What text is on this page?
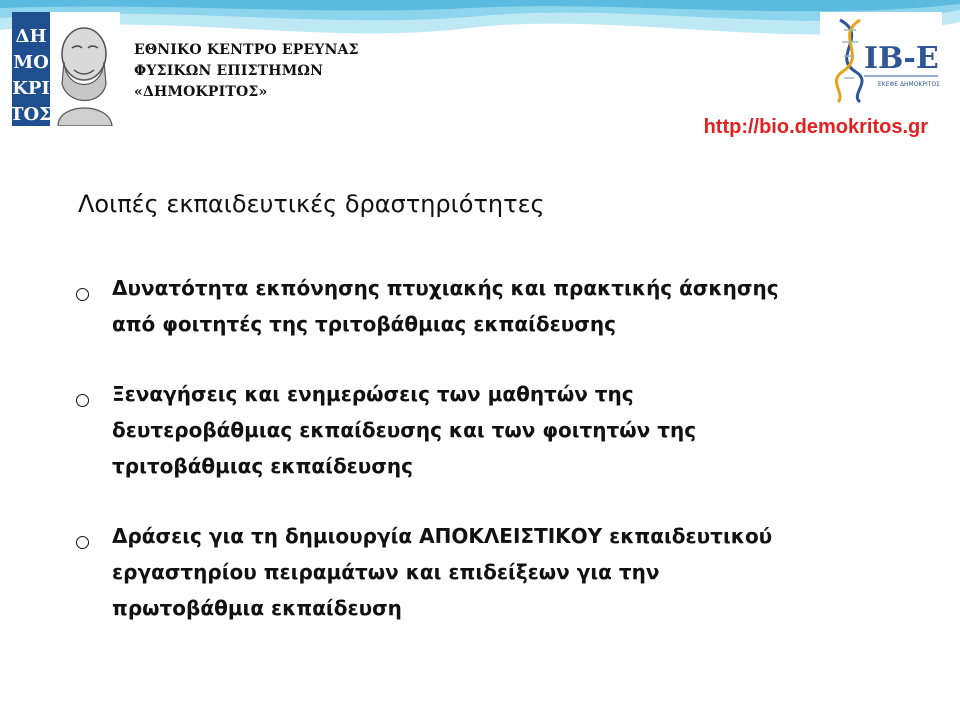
ΔΗ
ΜΟ
ΚΡΙ
ΤΟΣ
ΕΘΝΙΚΟ ΚΕΝΤΡΟ ΕΡΕΥΝΑΣ
ΦΥΣΙΚΩΝ ΕΠΙΣΤΗΜΩΝ
«ΔΗΜΟΚΡΙΤΟΣ»
ΙΒ-Ε
ΕΚΕΦΕ ΔΗΜΟΚΡΙΤΟΣ
http://bio.demokritos.gr
Λοιπές εκπαιδευτικές δραστηριότητες
Δυνατότητα εκπόνησης πτυχιακής και πρακτικής άσκησης
από φοιτητές της τριτοβάθμιας εκπαίδευσης
Ξεναγήσεις και ενημερώσεις των μαθητών της
δευτεροβάθμιας εκπαίδευσης και των φοιτητών της
τριτοβάθμιας εκπαίδευσης
Δράσεις για τη δημιουργία ΑΠΟΚΛΕΙΣΤΙΚΟΥ εκπαιδευτικού
εργαστηρίου πειραμάτων και επιδείξεων για την
πρωτοβάθμια εκπαίδευση
